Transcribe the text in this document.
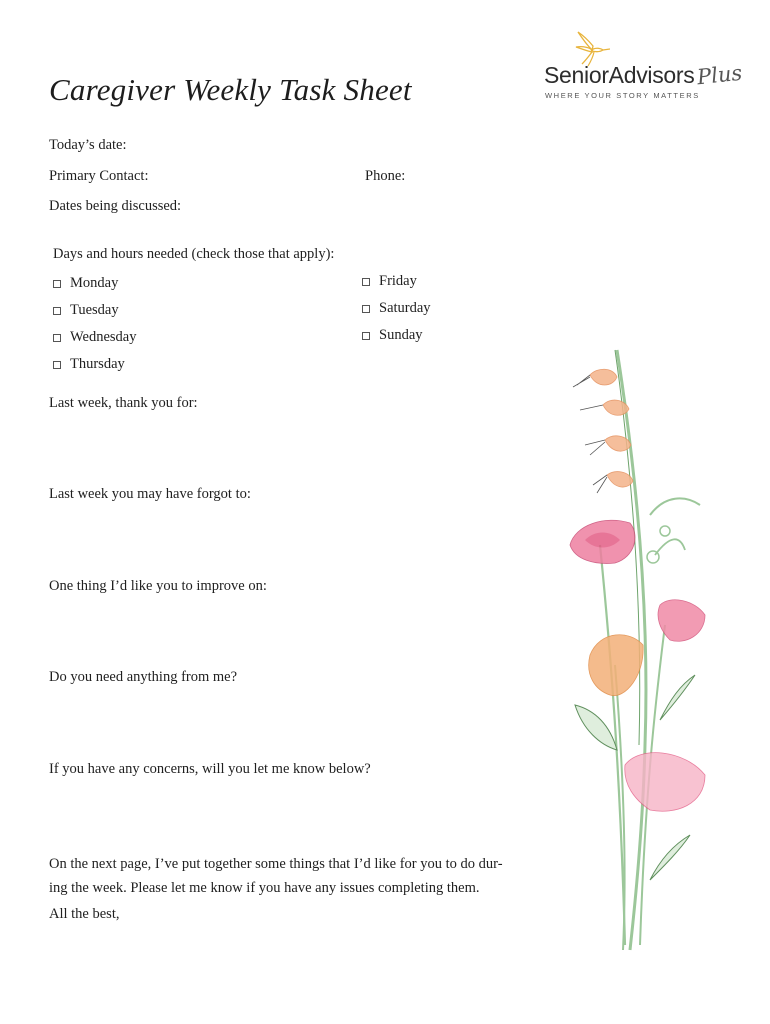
Caregiver Weekly Task Sheet	SeniorAdvisors Plus
WHERE YOUR STORY MATTERS
Today’s date:
Primary Contact:	Phone:
Dates being discussed:
Days and hours needed (check those that apply):
Monday
Tuesday
Wednesday
Thursday
Friday
Saturday
Sunday
Last week, thank you for:
Last week you may have forgot to:
One thing I’d like you to improve on:
Do you need anything from me?
If you have any concerns, will you let me know below?
On the next page, I’ve put together some things that I’d like for you to do dur-
ing the week. Please let me know if you have any issues completing them.
All the best,
